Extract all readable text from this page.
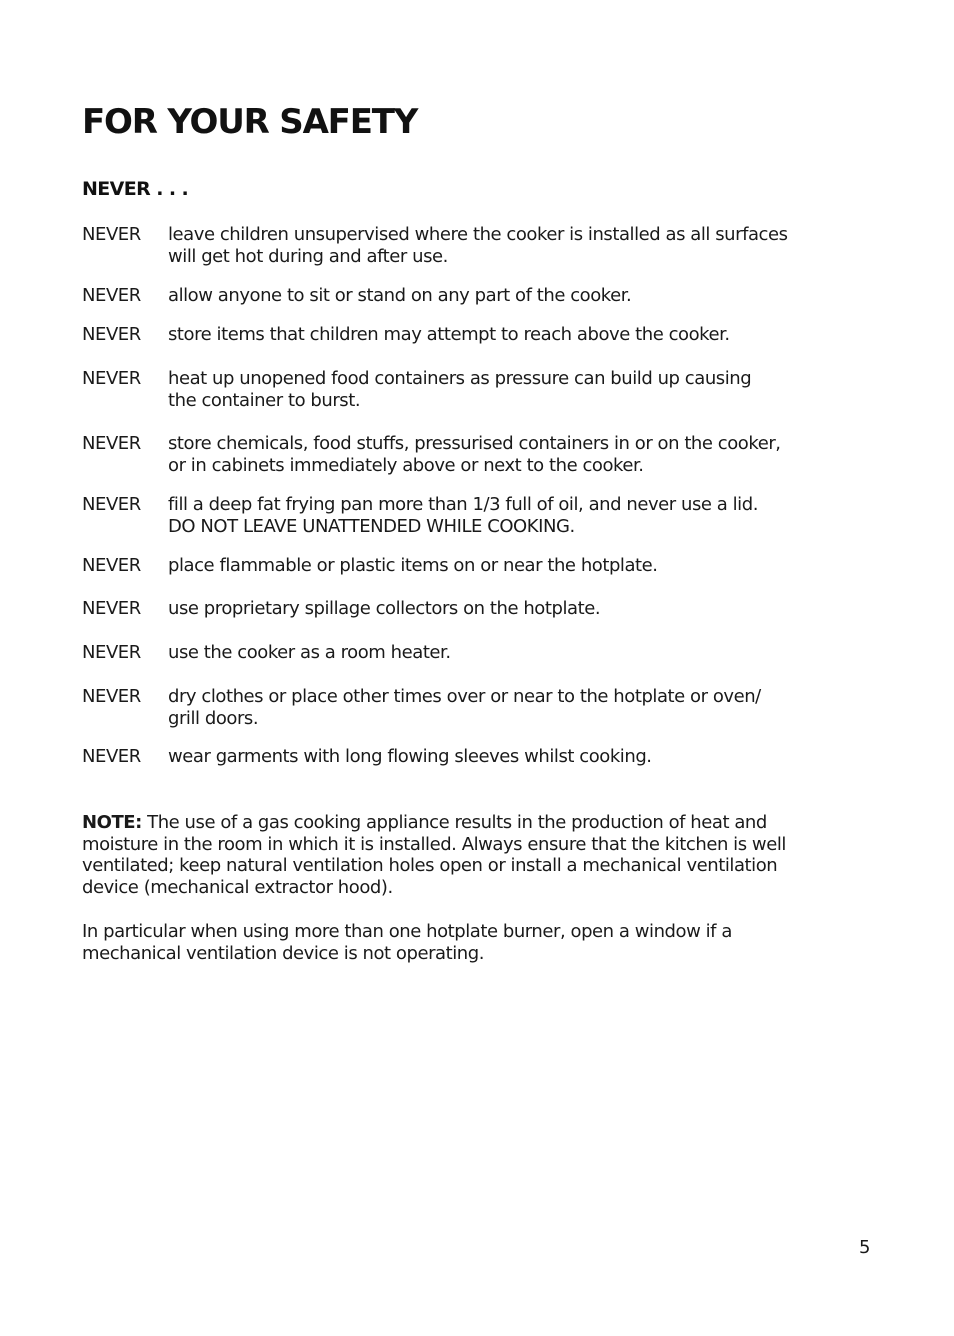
FOR YOUR SAFETY
NEVER . . .
NEVER	leave children unsupervised where the cooker is installed as all surfaces
will get hot during and after use.
NEVER	allow anyone to sit or stand on any part of the cooker.
NEVER	store items that children may attempt to reach above the cooker.
NEVER	heat up unopened food containers as pressure can build up causing
the container to burst.
NEVER	store chemicals, food stuffs, pressurised containers in or on the cooker,
or in cabinets immediately above or next to the cooker.
NEVER	fill a deep fat frying pan more than 1/3 full of oil, and never use a lid.
DO NOT LEAVE UNATTENDED WHILE COOKING.
NEVER	place flammable or plastic items on or near the hotplate.
NEVER	use proprietary spillage collectors on the hotplate.
NEVER	use the cooker as a room heater.
NEVER	dry clothes or place other times over or near to the hotplate or oven/
grill doors.
NEVER	wear garments with long flowing sleeves whilst cooking.
NOTE: The use of a gas cooking appliance results in the production of heat and
moisture in the room in which it is installed. Always ensure that the kitchen is well
ventilated; keep natural ventilation holes open or install a mechanical ventilation
device (mechanical extractor hood).
In particular when using more than one hotplate burner, open a window if a
mechanical ventilation device is not operating.
5
